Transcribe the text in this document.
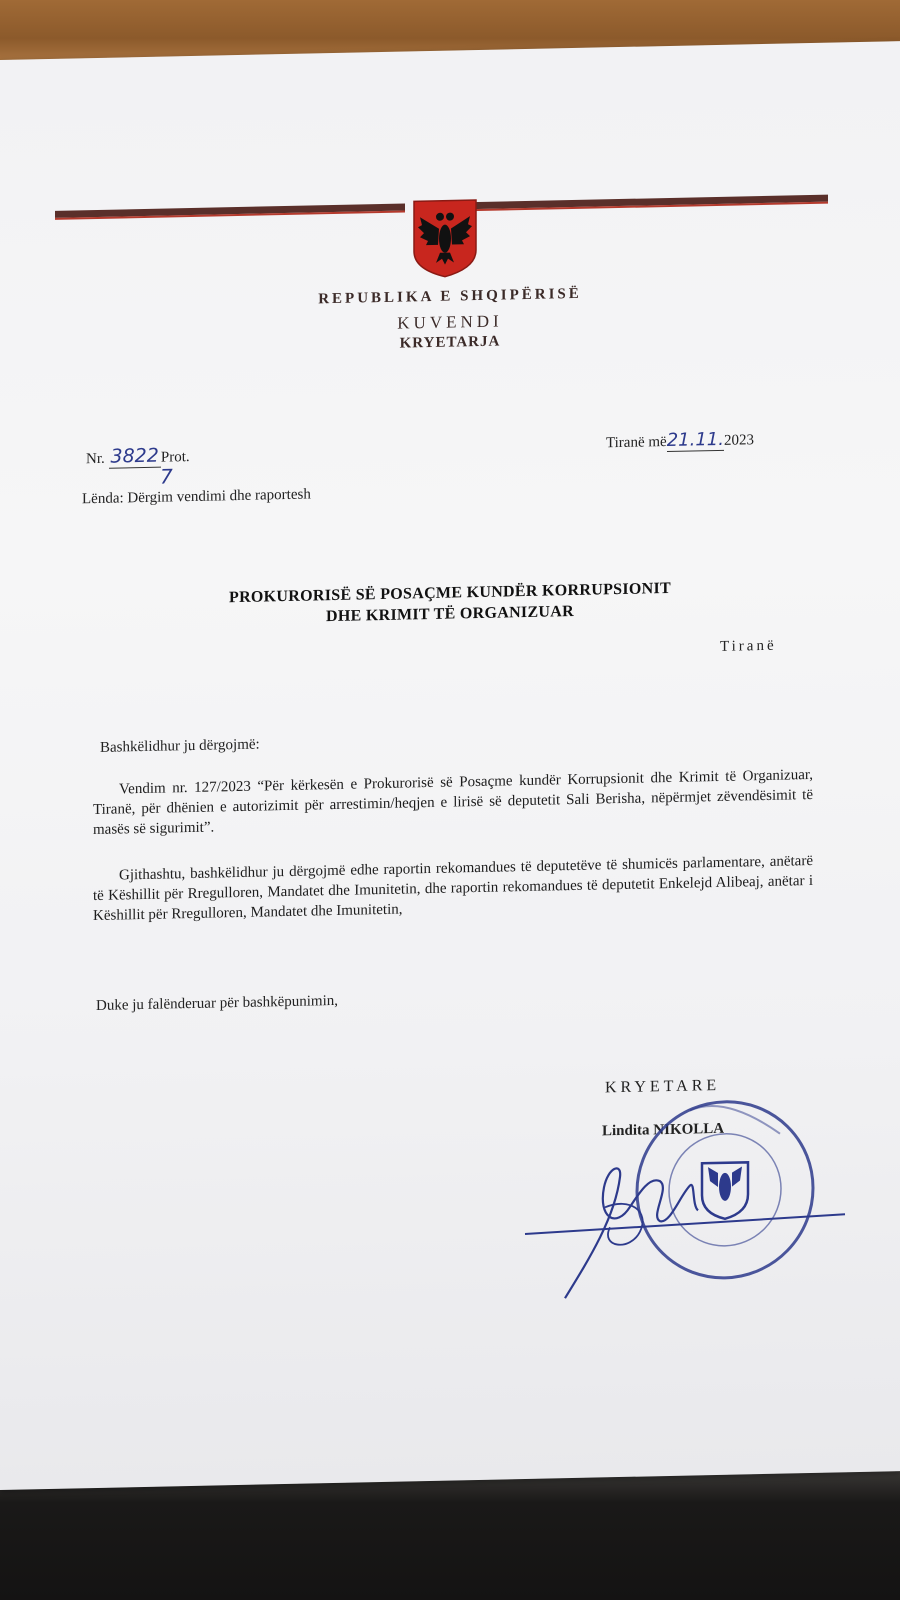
REPUBLIKA E SHQIPËRISË
KUVENDI
KRYETARJA
Nr. 3822 Prot.
7
Tiranë më21.11.2023
Lënda: Dërgim vendimi dhe raportesh
PROKURORISË SË POSAÇME KUNDËR KORRUPSIONIT
DHE KRIMIT TË ORGANIZUAR
Tiranë
Bashkëlidhur ju dërgojmë:
Vendim nr. 127/2023 “Për kërkesën e Prokurorisë së Posaçme kundër Korrupsionit dhe Krimit të Organizuar, Tiranë, për dhënien e autorizimit për arrestimin/heqjen e lirisë së deputetit Sali Berisha, nëpërmjet zëvendësimit të masës së sigurimit”.
Gjithashtu, bashkëlidhur ju dërgojmë edhe raportin rekomandues të deputetëve të shumicës parlamentare, anëtarë të Këshillit për Rregulloren, Mandatet dhe Imunitetin, dhe raportin rekomandues të deputetit Enkelejd Alibeaj, anëtar i Këshillit për Rregulloren, Mandatet dhe Imunitetin,
Duke ju falënderuar për bashkëpunimin,
KRYETARE
Lindita NIKOLLA
